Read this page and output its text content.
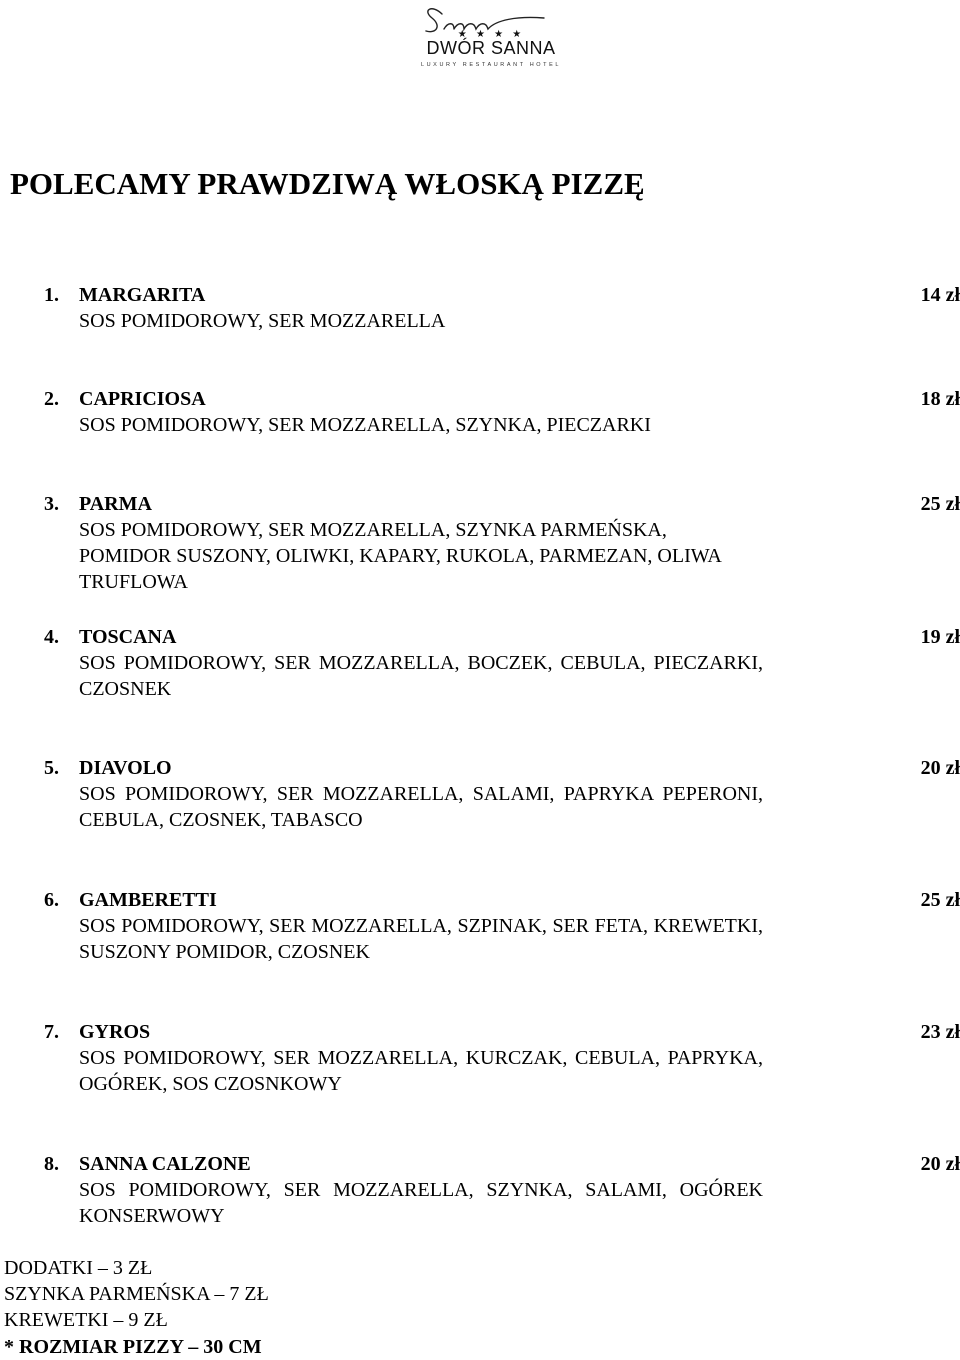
★ ★ ★ ★
DWÓR SANNA
LUXURY RESTAURANT HOTEL
POLECAMY PRAWDZIWĄ WŁOSKĄ PIZZĘ
1. MARGARITA	14 zł
SOS POMIDOROWY, SER MOZZARELLA
2. CAPRICIOSA	18 zł
SOS POMIDOROWY, SER MOZZARELLA, SZYNKA, PIECZARKI
3. PARMA	25 zł
SOS POMIDOROWY, SER MOZZARELLA, SZYNKA PARMEŃSKA, POMIDOR SUSZONY, OLIWKI, KAPARY, RUKOLA, PARMEZAN, OLIWA TRUFLOWA
4. TOSCANA	19 zł
SOS POMIDOROWY, SER MOZZARELLA, BOCZEK, CEBULA, PIECZARKI, CZOSNEK
5. DIAVOLO	20 zł
SOS POMIDOROWY, SER MOZZARELLA, SALAMI, PAPRYKA PEPERONI, CEBULA, CZOSNEK, TABASCO
6. GAMBERETTI	25 zł
SOS POMIDOROWY, SER MOZZARELLA, SZPINAK, SER FETA, KREWETKI, SUSZONY POMIDOR, CZOSNEK
7. GYROS	23 zł
SOS POMIDOROWY, SER MOZZARELLA, KURCZAK, CEBULA, PAPRYKA, OGÓREK, SOS CZOSNKOWY
8. SANNA CALZONE	20 zł
SOS POMIDOROWY, SER MOZZARELLA, SZYNKA, SALAMI, OGÓREK KONSERWOWY
DODATKI – 3 ZŁ
SZYNKA PARMEŃSKA – 7 ZŁ
KREWETKI – 9 ZŁ
* ROZMIAR PIZZY – 30 CM
